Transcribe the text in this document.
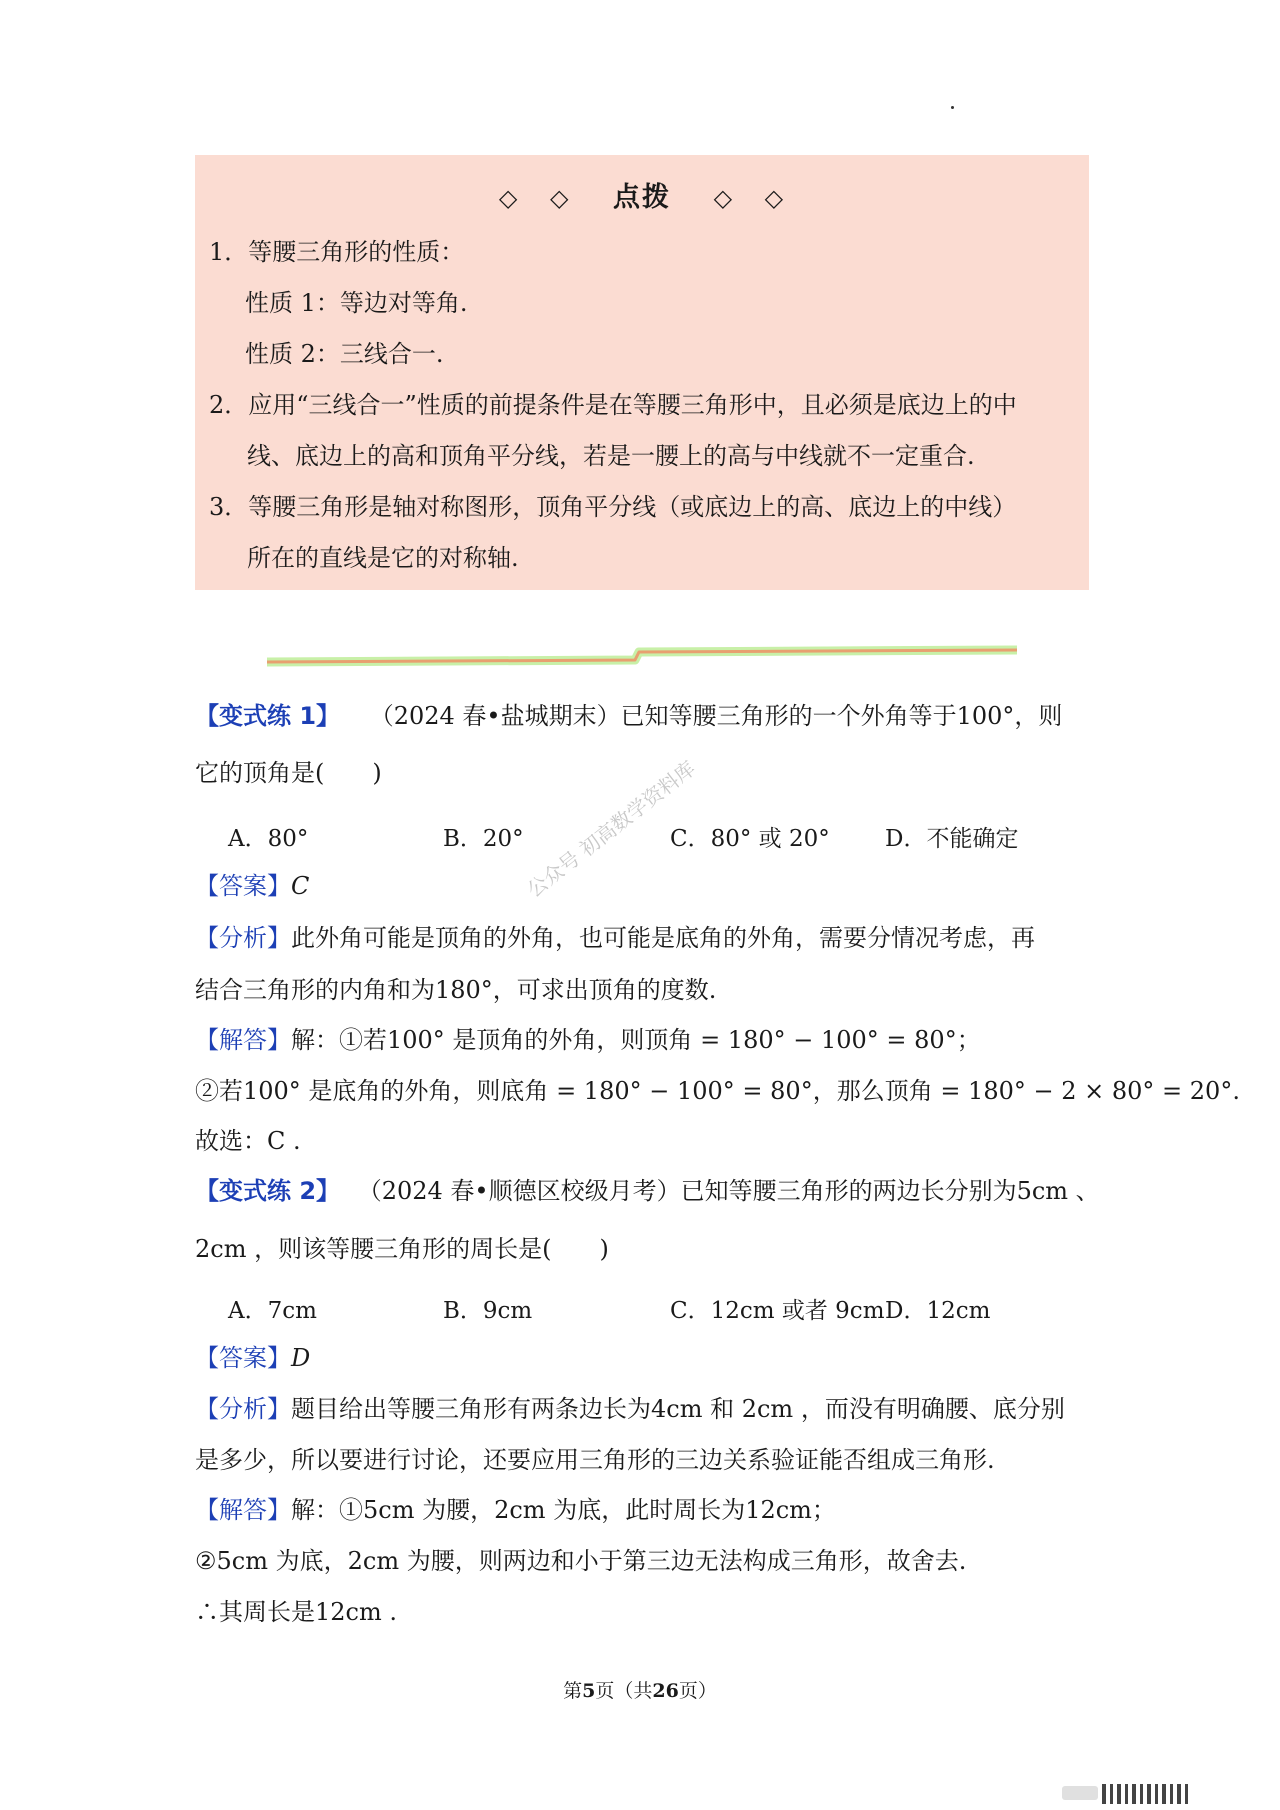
◇ ◇ 点拨 ◇ ◇
1．等腰三角形的性质：
性质 1：等边对等角.
性质 2：三线合一.
2．应用“三线合一”性质的前提条件是在等腰三角形中，且必须是底边上的中
线、底边上的高和顶角平分线，若是一腰上的高与中线就不一定重合.
3．等腰三角形是轴对称图形，顶角平分线（或底边上的高、底边上的中线）
所在的直线是它的对称轴.
【变式练 1】 （2024 春•盐城期末）已知等腰三角形的一个外角等于100°，则
它的顶角是(　　)
A．80°	B．20°	C．80° 或 20° D．不能确定
【答案】C
【分析】此外角可能是顶角的外角，也可能是底角的外角，需要分情况考虑，再
结合三角形的内角和为180°，可求出顶角的度数.
【解答】解：①若100° 是顶角的外角，则顶角 = 180° − 100° = 80°；
②若100° 是底角的外角，则底角 = 180° − 100° = 80°，那么顶角 = 180° − 2 × 80° = 20°.
故选：C .
【变式练 2】 （2024 春•顺德区校级月考）已知等腰三角形的两边长分别为5cm 、
2cm ，则该等腰三角形的周长是(　　)
A．7cm	B．9cm	C．12cm 或者 9cm D．12cm
【答案】D
【分析】题目给出等腰三角形有两条边长为4cm 和 2cm ，而没有明确腰、底分别
是多少，所以要进行讨论，还要应用三角形的三边关系验证能否组成三角形.
【解答】解：①5cm 为腰，2cm 为底，此时周长为12cm；
②5cm 为底，2cm 为腰，则两边和小于第三边无法构成三角形，故舍去.
∴其周长是12cm .
公众号 初高数学资料库
第5页（共26页）
